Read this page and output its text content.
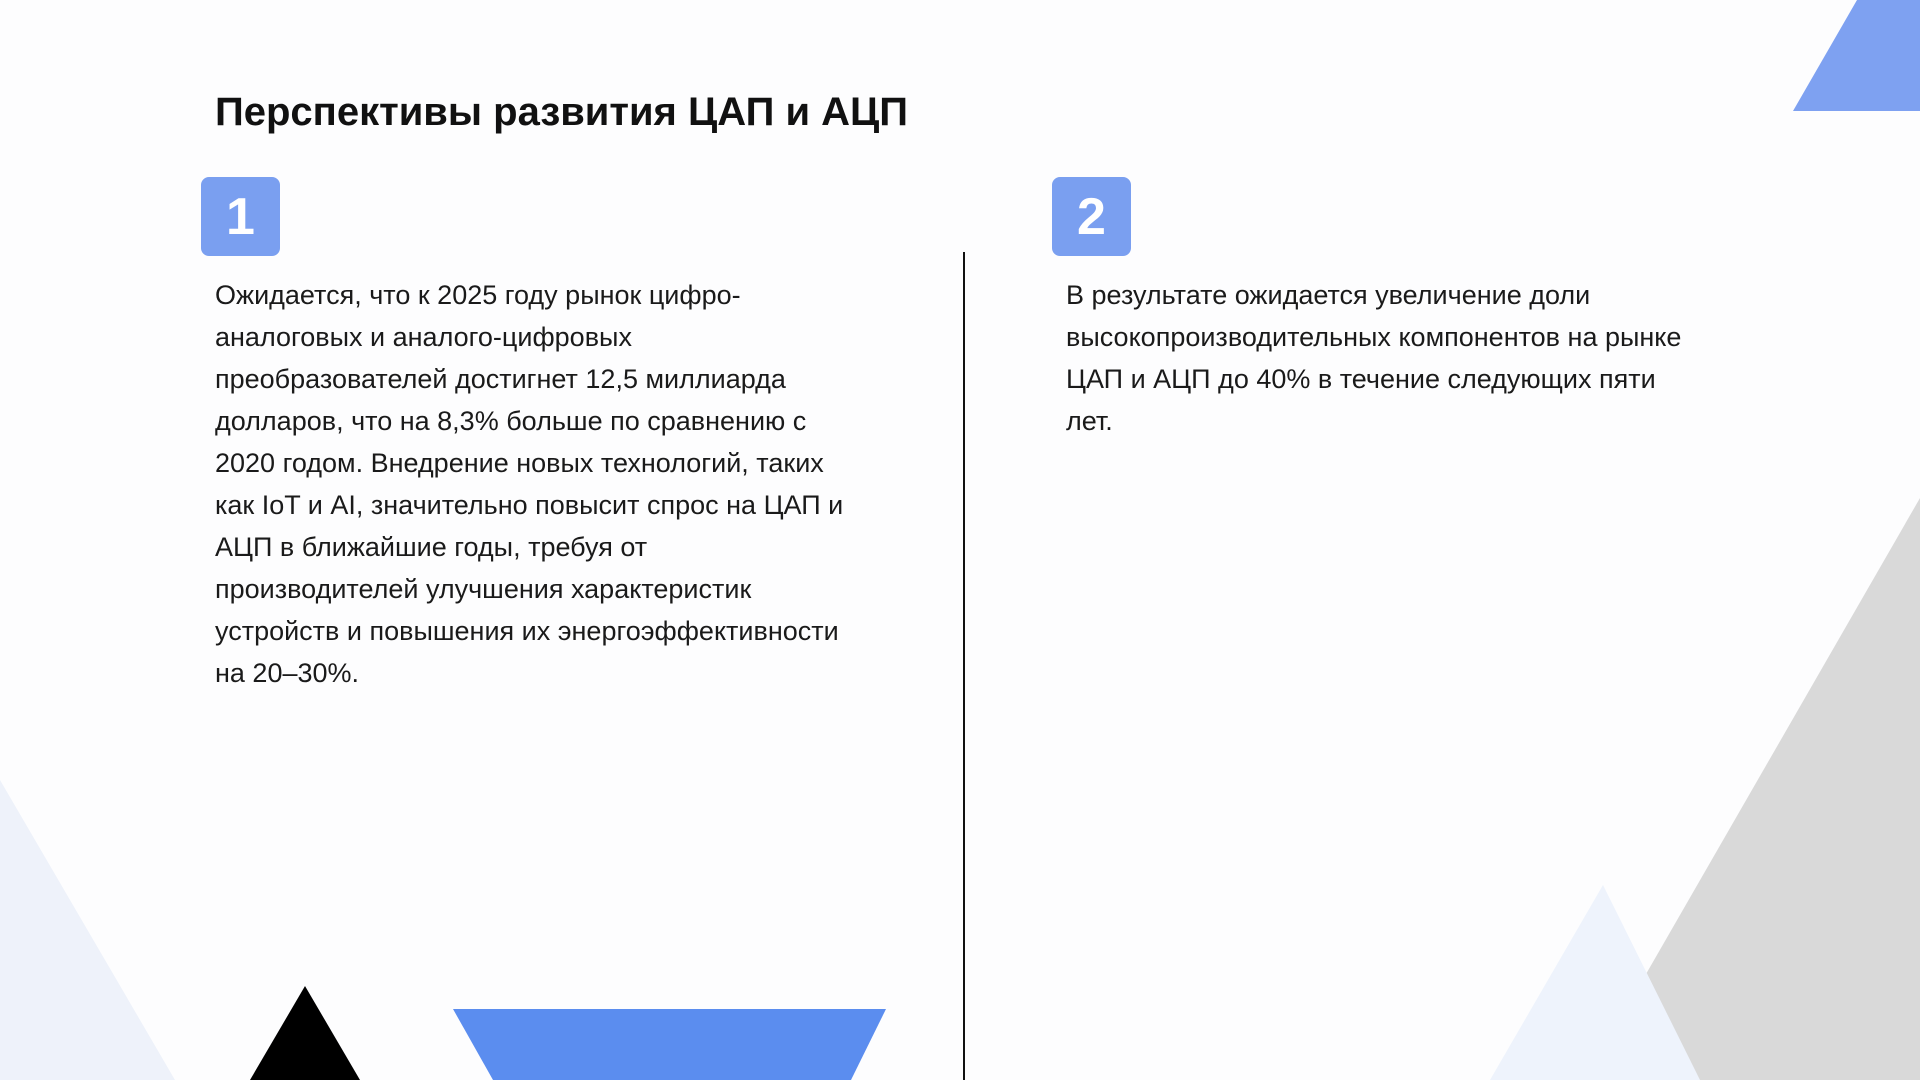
Перспективы развития ЦАП и АЦП
1

Ожидается, что к 2025 году рынок цифро-аналоговых и аналого-цифровых преобразователей достигнет 12,5 миллиарда долларов, что на 8,3% больше по сравнению с 2020 годом. Внедрение новых технологий, таких как IoT и AI, значительно повысит спрос на ЦАП и АЦП в ближайшие годы, требуя от производителей улучшения характеристик устройств и повышения их энергоэффективности на 20–30%.

2

В результате ожидается увеличение доли высокопроизводительных компонентов на рынке ЦАП и АЦП до 40% в течение следующих пяти лет.
